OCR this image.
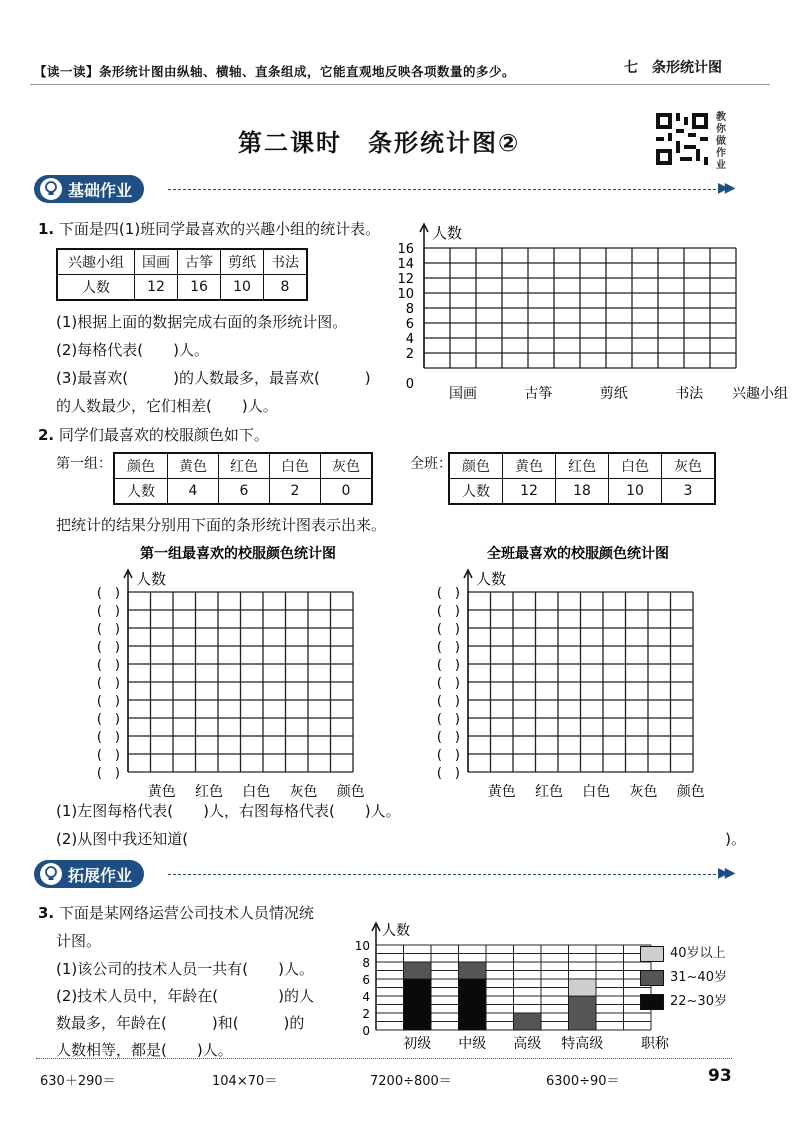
【读一读】条形统计图由纵轴、横轴、直条组成，它能直观地反映各项数量的多少。	七　条形统计图
第二课时　条形统计图②
教你做作业
基础作业	▶▶
1. 下面是四(1)班同学最喜欢的兴趣小组的统计表。
兴趣小组	国画	古筝	剪纸	书法
人数	12	16	10	8
(1)根据上面的数据完成右面的条形统计图。
(2)每格代表(　　)人。
(3)最喜欢(　　　)的人数最多，最喜欢(　　　)
的人数最少，它们相差(　　)人。
人数
16
14
12
10
8
6
4
2
0
国画	古筝	剪纸	书法 兴趣小组
2. 同学们最喜欢的校服颜色如下。
第一组： 颜色	黄色	红色	白色	灰色
人数	4	6	2	0
全班： 颜色	黄色	红色	白色	灰色
人数	12	18	10	3
把统计的结果分别用下面的条形统计图表示出来。
第一组最喜欢的校服颜色统计图
人数
(　)
(　)
(　)
(　)
(　)
(　)
(　)
(　)
(　)
(　)
(　)
黄色 红色 白色 灰色 颜色
全班最喜欢的校服颜色统计图
人数
(　)
(　)
(　)
(　)
(　)
(　)
(　)
(　)
(　)
(　)
(　)
黄色 红色 白色 灰色 颜色
(1)左图每格代表(　　)人，右图每格代表(　　)人。
(2)从图中我还知道(	)。
拓展作业	▶▶
3. 下面是某网络运营公司技术人员情况统
计图。
(1)该公司的技术人员一共有(　　)人。
(2)技术人员中，年龄在(　　　　)的人
数最多，年龄在(　　　)和(　　　)的
人数相等，都是(　　)人。
人数
10
8
6
4
2
0
初级 中级 高级 特高级	职称
40岁以上
31~40岁
22~30岁
630＋290＝	104×70＝	7200÷800＝	6300÷90＝	93
